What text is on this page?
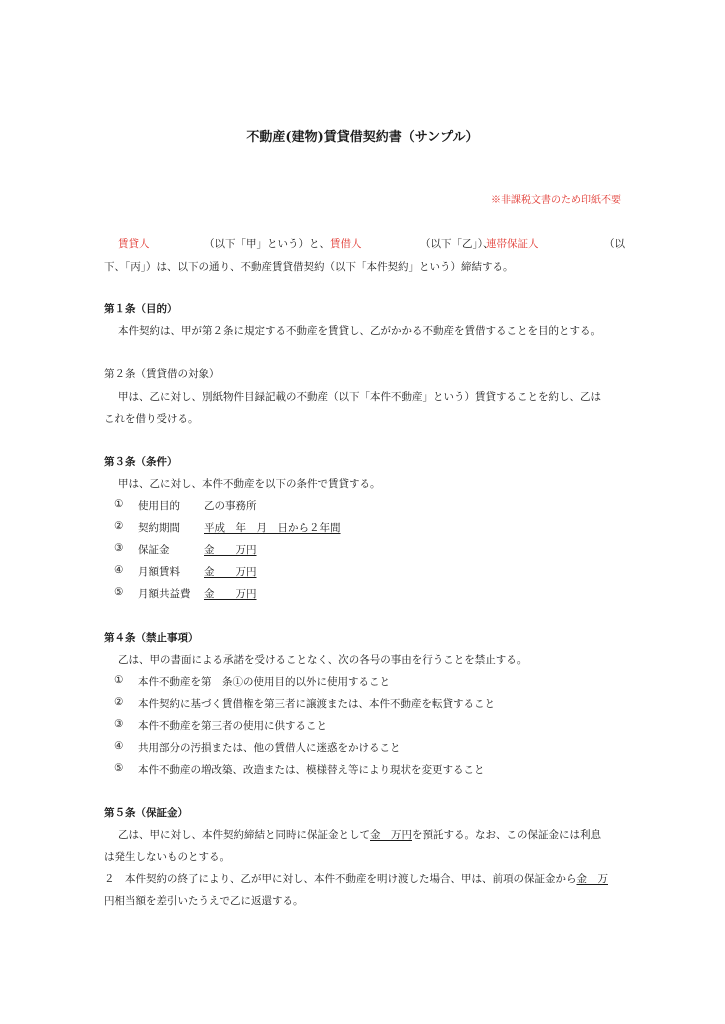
不動産(建物)賃貸借契約書（サンプル）
※非課税文書のため印紙不要
賃貸人	（以下「甲」という）と、 賃借人	（以下「乙」）、
連帯保証人	（以
下、「丙」）は、以下の通り、不動産賃貸借契約（以下「本件契約」という）締結する。
第１条（目的）
本件契約は、甲が第２条に規定する不動産を賃貸し、乙がかかる不動産を賃借することを目的とする。
第２条（賃貸借の対象）
甲は、乙に対し、別紙物件目録記載の不動産（以下「本件不動産」という）賃貸することを約し、乙は
これを借り受ける。
第３条（条件）
甲は、乙に対し、本件不動産を以下の条件で賃貸する。
① 使用目的 乙の事務所
② 契約期間 平成　年　月　日から２年間
③ 保証金	金　　万円
④ 月額賃料 金　　万円
⑤ 月額共益費 金　　万円
第４条（禁止事項）
乙は、甲の書面による承諾を受けることなく、次の各号の事由を行うことを禁止する。
① 本件不動産を第　条①の使用目的以外に使用すること
② 本件契約に基づく賃借権を第三者に譲渡または、本件不動産を転貸すること
③ 本件不動産を第三者の使用に供すること
④ 共用部分の汚損または、他の賃借人に迷惑をかけること
⑤ 本件不動産の増改築、改造または、模様替え等により現状を変更すること
第５条（保証金）
乙は、甲に対し、本件契約締結と同時に保証金として金　万円を預託する。なお、この保証金には利息
は発生しないものとする。
２　本件契約の終了により、乙が甲に対し、本件不動産を明け渡した場合、甲は、前項の保証金から金　万
円相当額を差引いたうえで乙に返還する。
